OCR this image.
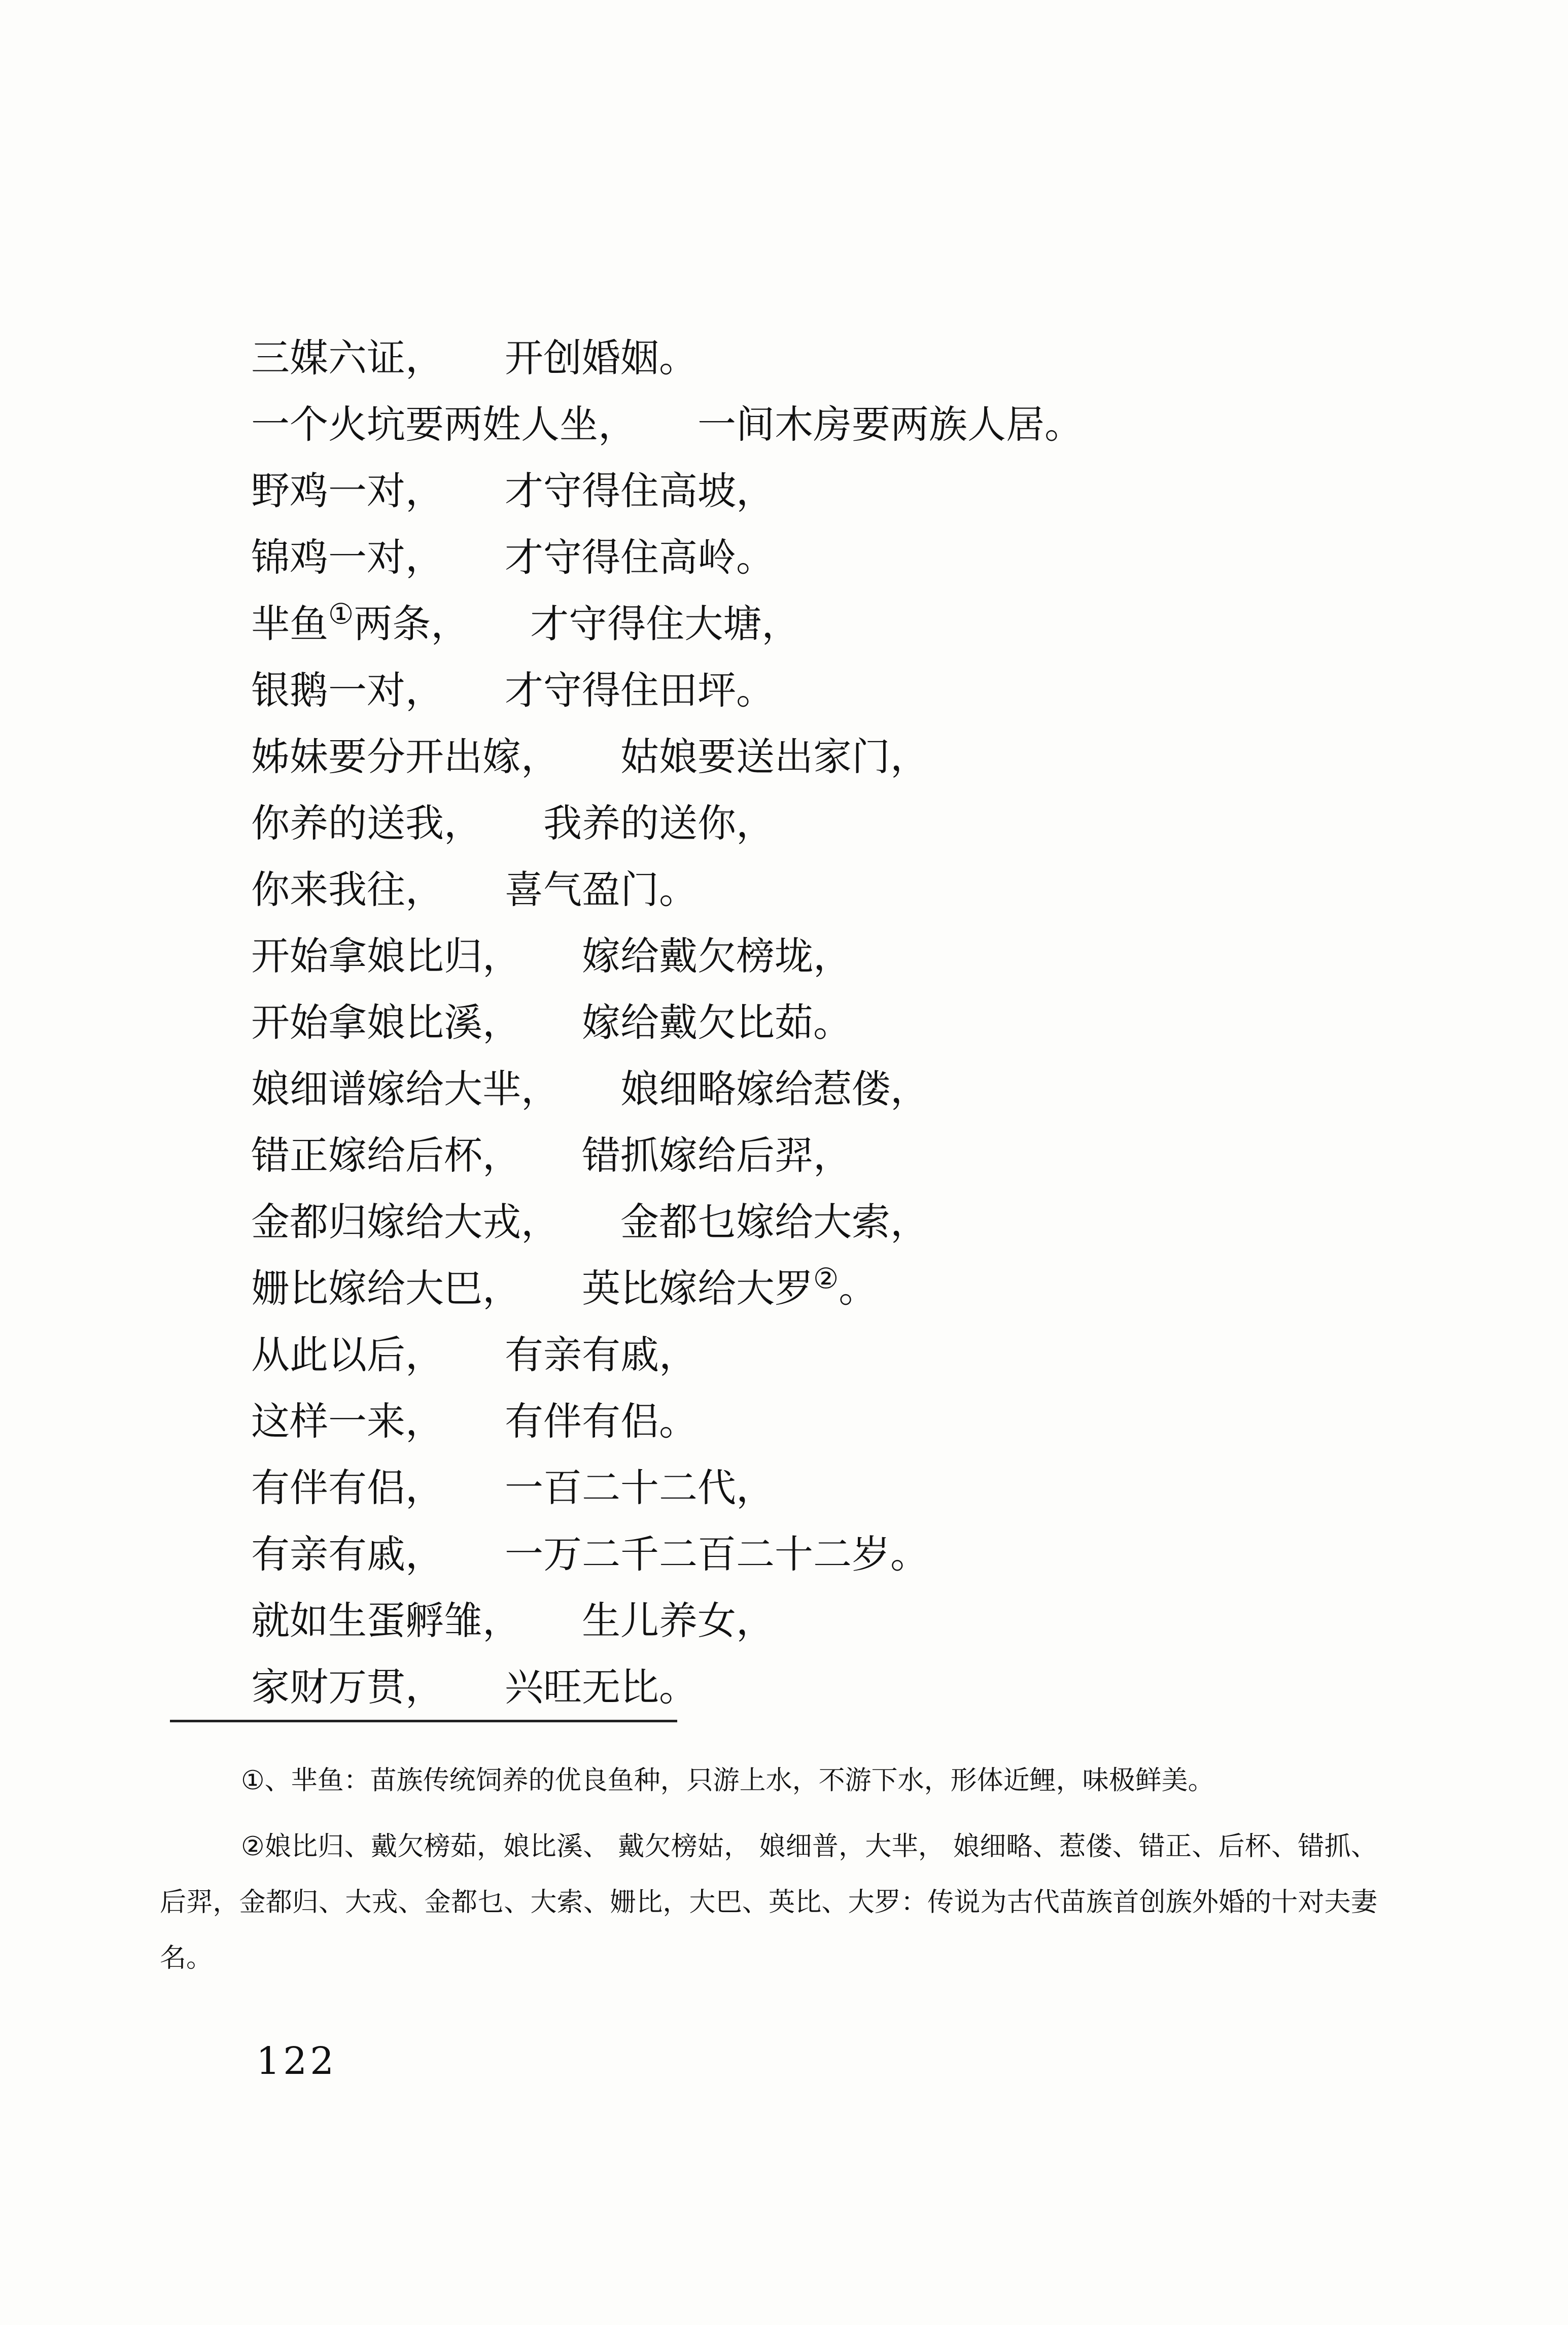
三媒六证， 开创婚姻。
一个火坑要两姓人坐， 一间木房要两族人居。
野鸡一对， 才守得住高坡，
锦鸡一对， 才守得住高岭。
芈鱼①两条， 才守得住大塘，
银鹅一对， 才守得住田坪。
姊妹要分开出嫁， 姑娘要送出家门，
你养的送我， 我养的送你，
你来我往， 喜气盈门。
开始拿娘比归， 嫁给戴欠榜垅，
开始拿娘比溪， 嫁给戴欠比茹。
娘细谱嫁给大芈， 娘细略嫁给惹偻，
错正嫁给后杯， 错抓嫁给后羿，
金都归嫁给大戎， 金都乜嫁给大索，
姗比嫁给大巴， 英比嫁给大罗②。
从此以后， 有亲有戚，
这样一来， 有伴有侣。
有伴有侣， 一百二十二代，
有亲有戚， 一万二千二百二十二岁。
就如生蛋孵雏， 生儿养女，
家财万贯， 兴旺无比。

①、芈鱼：苗族传统饲养的优良鱼种，只游上水，不游下水，形体近鲤，味极鲜美。

②娘比归、戴欠榜茹，娘比溪、 戴欠榜姑， 娘细普，大芈， 娘细略、惹偻、错正、后杯、错抓、后羿，金都归、大戎、金都乜、大索、姗比，大巴、英比、大罗：传说为古代苗族首创族外婚的十对夫妻名。

122
